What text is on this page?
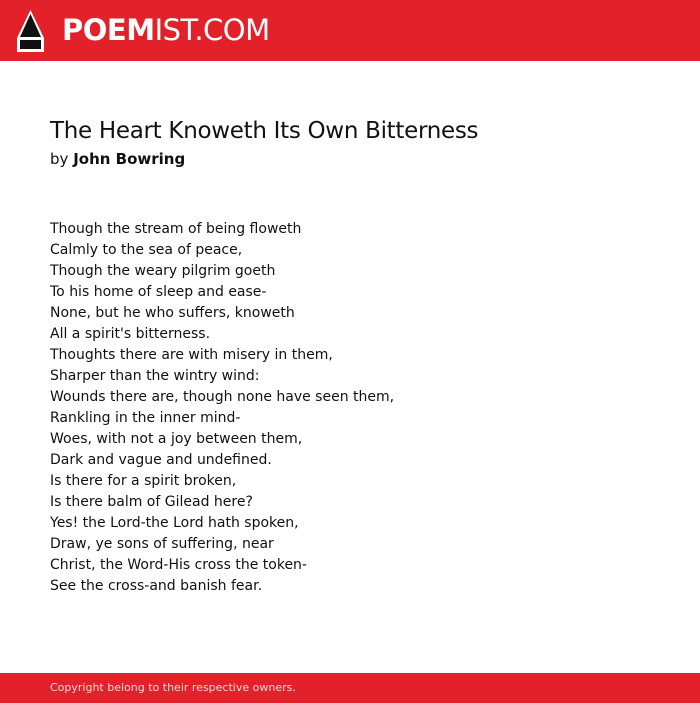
POEMIST.COM
The Heart Knoweth Its Own Bitterness
by John Bowring
Though the stream of being floweth
Calmly to the sea of peace,
Though the weary pilgrim goeth
To his home of sleep and ease-
None, but he who suffers, knoweth
All a spirit's bitterness.
Thoughts there are with misery in them,
Sharper than the wintry wind:
Wounds there are, though none have seen them,
Rankling in the inner mind-
Woes, with not a joy between them,
Dark and vague and undefined.
Is there for a spirit broken,
Is there balm of Gilead here?
Yes! the Lord-the Lord hath spoken,
Draw, ye sons of suffering, near
Christ, the Word-His cross the token-
See the cross-and banish fear.
Copyright belong to their respective owners.
